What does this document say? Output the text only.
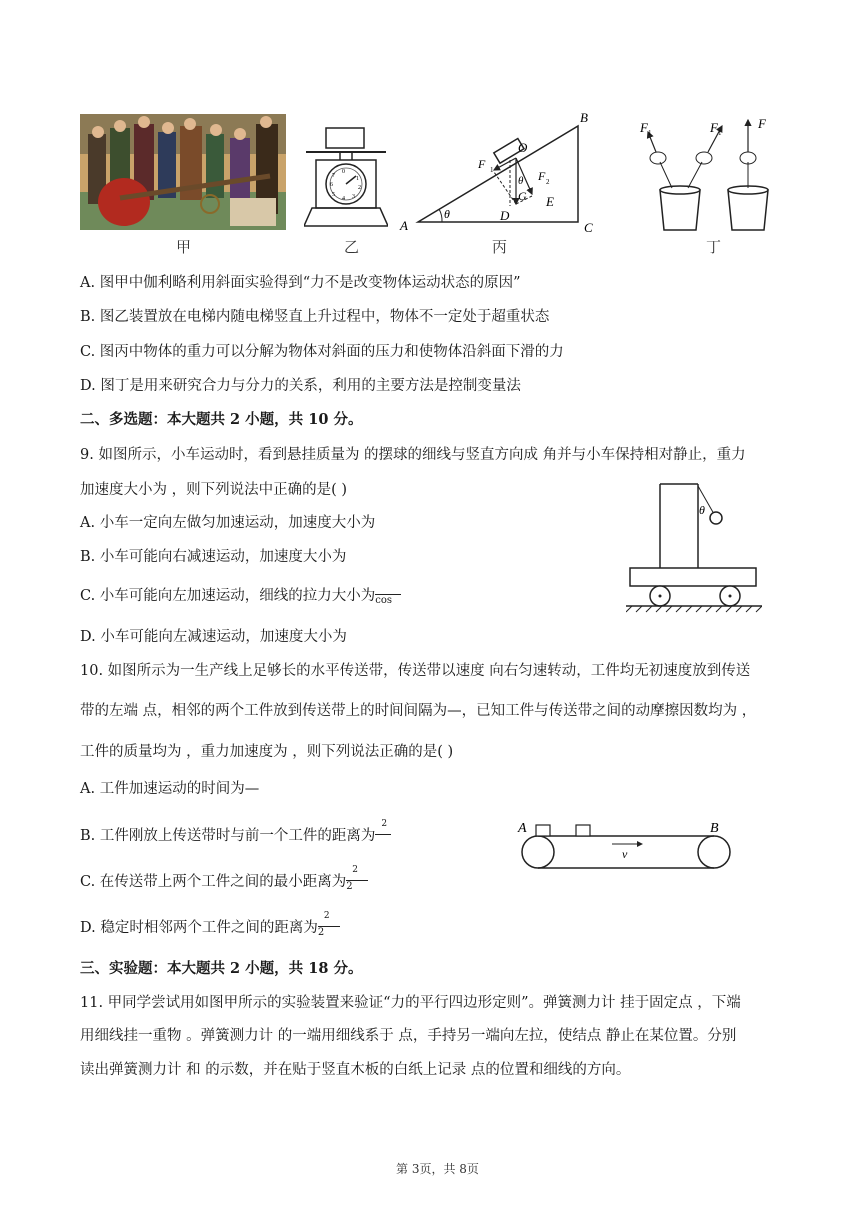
甲
0
1
2
3
4
5
6
7
乙
θ
A
B
C
D
E
O
G
F 1	F 2
θ
丙
F 1	F 1
F
丁
A. 图甲中伽利略利用斜面实验得到“力不是改变物体运动状态的原因”
B. 图乙装置放在电梯内随电梯竖直上升过程中，物体不一定处于超重状态
C. 图丙中物体的重力可以分解为物体对斜面的压力和使物体沿斜面下滑的力
D. 图丁是用来研究合力与分力的关系，利用的主要方法是控制变量法
二、多选题：本大题共 2 小题，共 10 分。
9. 如图所示，小车运动时，看到悬挂质量为 的摆球的细线与竖直方向成 角并与小车保持相对静止，重力
加速度大小为 ，则下列说法中正确的是( )
A. 小车一定向左做匀加速运动，加速度大小为
B. 小车可能向右减速运动，加速度大小为
C. 小车可能向左加速运动，细线的拉力大小为 cos
D. 小车可能向左减速运动，加速度大小为
θ
10. 如图所示为一生产线上足够长的水平传送带，传送带以速度 向右匀速转动，工件均无初速度放到传送
带的左端 点，相邻的两个工件放到传送带上的时间间隔为—，已知工件与传送带之间的动摩擦因数均为 ，
工件的质量均为 ，重力加速度为 ，则下列说法正确的是( )
A. 工件加速运动的时间为—
B. 工件刚放上传送带时与前一个工件的距离为
2
C. 在传送带上两个工件之间的最小距离为
2
2
D. 稳定时相邻两个工件之间的距离为
2
2
v
A	B
三、实验题：本大题共 2 小题，共 18 分。
11. 甲同学尝试用如图甲所示的实验装置来验证“力的平行四边形定则”。弹簧测力计 挂于固定点 ，下端
用细线挂一重物 。弹簧测力计 的一端用细线系于 点，手持另一端向左拉，使结点 静止在某位置。分别
读出弹簧测力计 和 的示数，并在贴于竖直木板的白纸上记录 点的位置和细线的方向。
第 3页，共 8页
